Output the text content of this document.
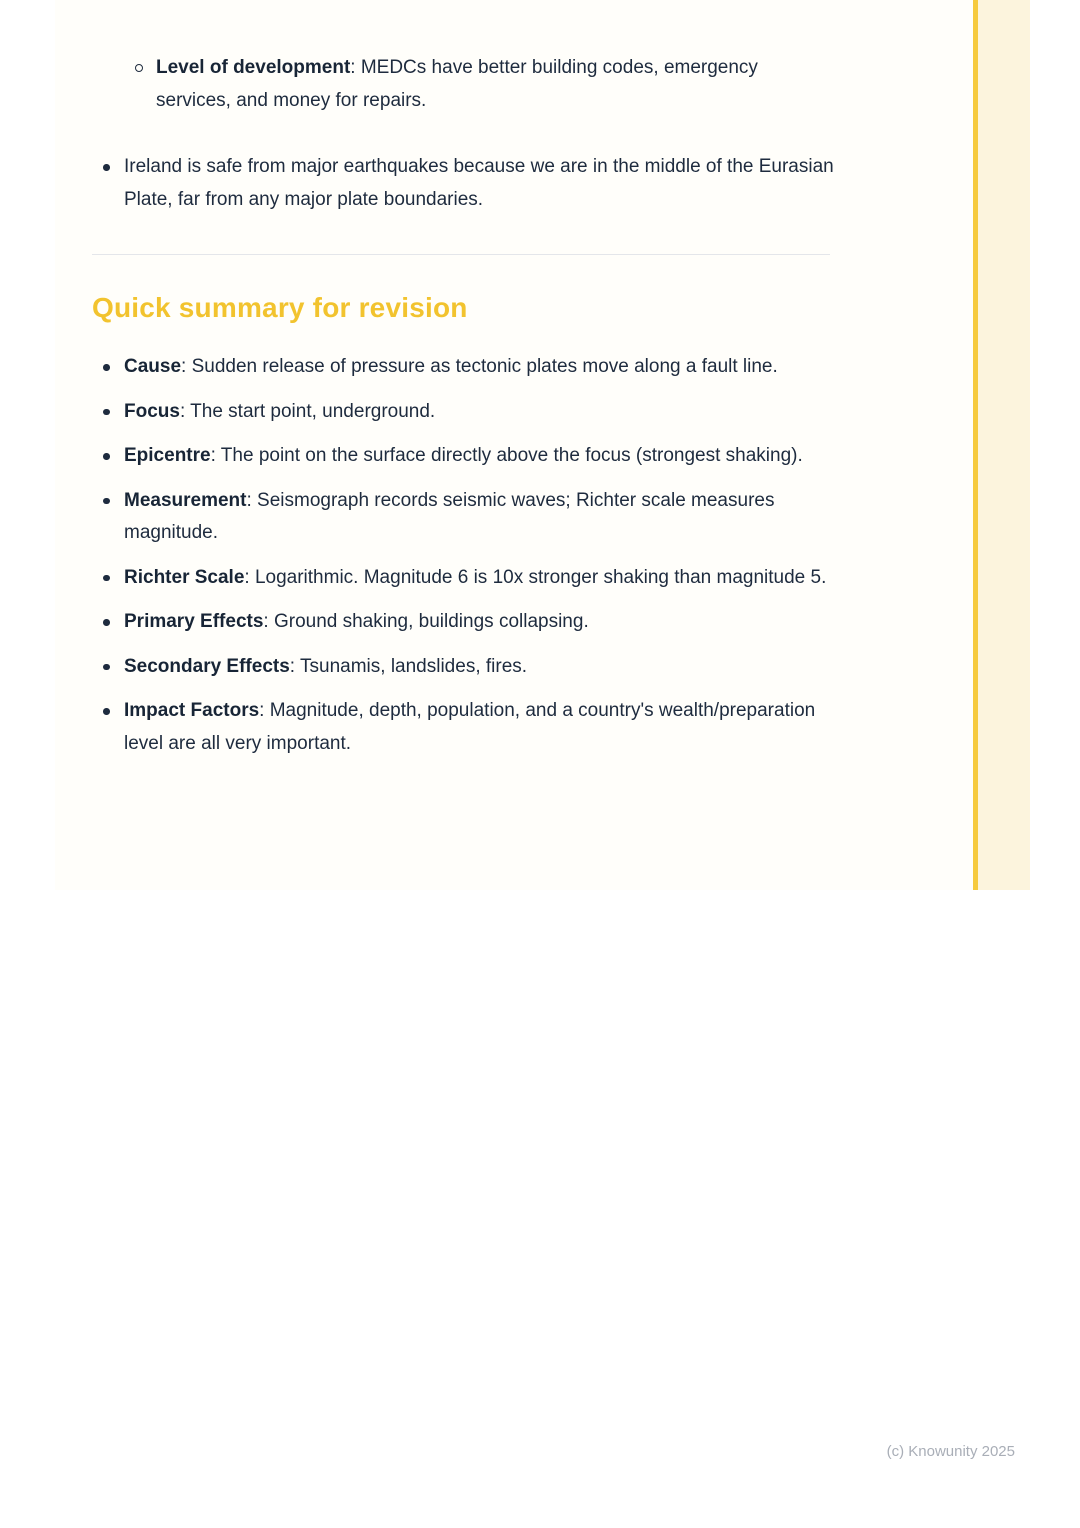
Level of development: MEDCs have better building codes, emergency services, and money for repairs.

Ireland is safe from major earthquakes because we are in the middle of the Eurasian Plate, far from any major plate boundaries.

Quick summary for revision

Cause: Sudden release of pressure as tectonic plates move along a fault line.

Focus: The start point, underground.

Epicentre: The point on the surface directly above the focus (strongest shaking).

Measurement: Seismograph records seismic waves; Richter scale measures magnitude.

Richter Scale: Logarithmic. Magnitude 6 is 10x stronger shaking than magnitude 5.

Primary Effects: Ground shaking, buildings collapsing.

Secondary Effects: Tsunamis, landslides, fires.

Impact Factors: Magnitude, depth, population, and a country's wealth/preparation level are all very important.

(c) Knowunity 2025
